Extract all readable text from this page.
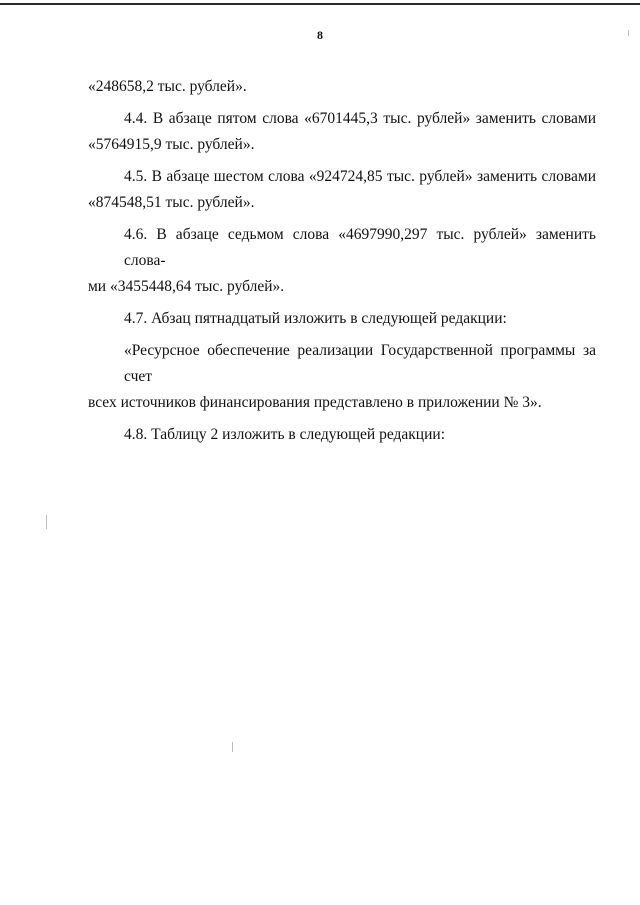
8
«248658,2 тыс. рублей».
4.4. В абзаце пятом слова «6701445,3 тыс. рублей» заменить словами
«5764915,9 тыс. рублей».
4.5. В абзаце шестом слова «924724,85 тыс. рублей» заменить словами
«874548,51 тыс. рублей».
4.6. В абзаце седьмом слова «4697990,297 тыс. рублей» заменить слова-
ми «3455448,64 тыс. рублей».
4.7. Абзац пятнадцатый изложить в следующей редакции:
«Ресурсное обеспечение реализации Государственной программы за счет
всех источников финансирования представлено в приложении № 3».
4.8. Таблицу 2 изложить в следующей редакции:
